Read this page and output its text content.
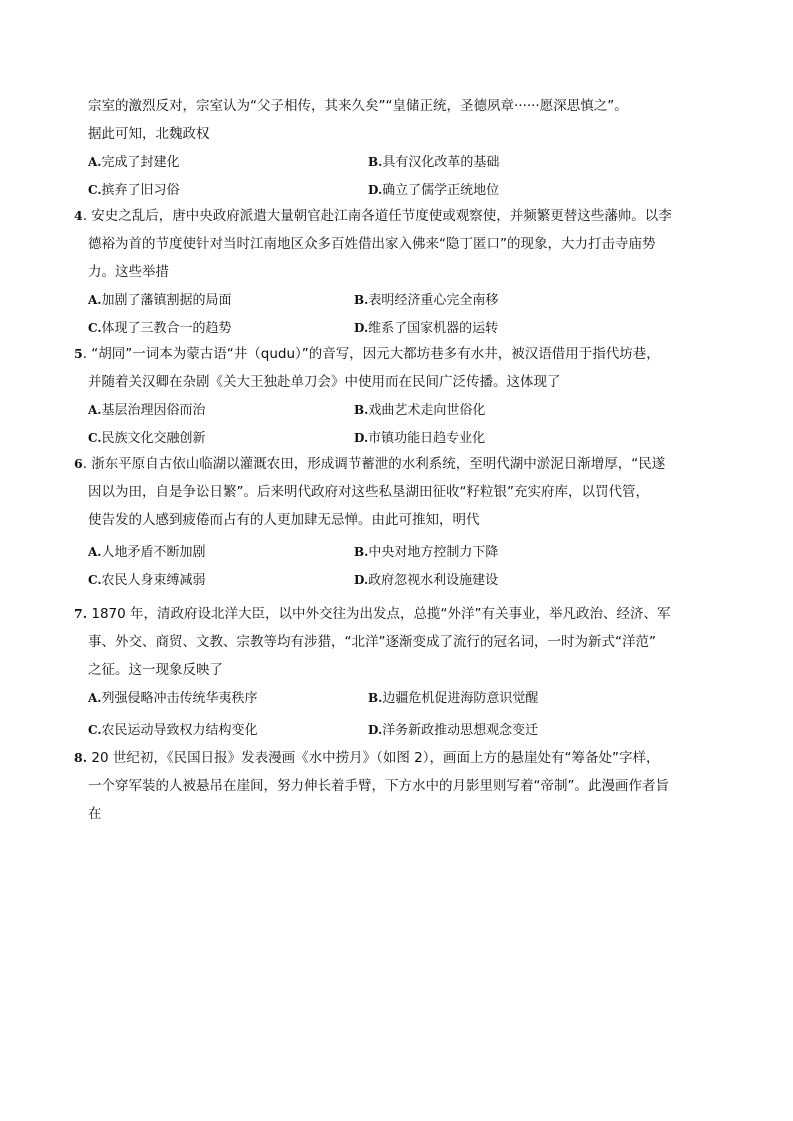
宗室的激烈反对，宗室认为“父子相传，其来久矣”“皇储正统，圣德夙章······愿深思慎之”。
据此可知，北魏政权

A.完成了封建化	B.具有汉化改革的基础
C.摈弃了旧习俗	D.确立了儒学正统地位

4. 安史之乱后，唐中央政府派遣大量朝官赴江南各道任节度使或观察使，并频繁更替这些藩帅。以李
德裕为首的节度使针对当时江南地区众多百姓借出家入佛来“隐丁匿口”的现象，大力打击寺庙势
力。这些举措

A.加剧了藩镇割据的局面	B.表明经济重心完全南移
C.体现了三教合一的趋势	D.维系了国家机器的运转

5. “胡同”一词本为蒙古语“井（qudu）”的音写，因元大都坊巷多有水井，被汉语借用于指代坊巷，
并随着关汉卿在杂剧《关大王独赴单刀会》中使用而在民间广泛传播。这体现了

A.基层治理因俗而治	B.戏曲艺术走向世俗化
C.民族文化交融创新	D.市镇功能日趋专业化

6. 浙东平原自古依山临湖以灌溉农田，形成调节蓄泄的水利系统，至明代湖中淤泥日渐增厚，“民遂
因以为田，自是争讼日繁”。后来明代政府对这些私垦湖田征收“籽粒银”充实府库，以罚代管，
使告发的人感到疲倦而占有的人更加肆无忌惮。由此可推知，明代

A.人地矛盾不断加剧	B.中央对地方控制力下降
C.农民人身束缚减弱	D.政府忽视水利设施建设

7. 1870 年，清政府设北洋大臣，以中外交往为出发点，总揽“外洋”有关事业，举凡政治、经济、军
事、外交、商贸、文教、宗教等均有涉猎，“北洋”逐渐变成了流行的冠名词，一时为新式“洋范”
之征。这一现象反映了

A.列强侵略冲击传统华夷秩序	B.边疆危机促进海防意识觉醒
C.农民运动导致权力结构变化	D.洋务新政推动思想观念变迁

8. 20 世纪初，《民国日报》发表漫画《水中捞月》（如图 2），画面上方的悬崖处有“筹备处”字样，
一个穿军装的人被悬吊在崖间，努力伸长着手臂，下方水中的月影里则写着“帝制”。此漫画作者旨
在
